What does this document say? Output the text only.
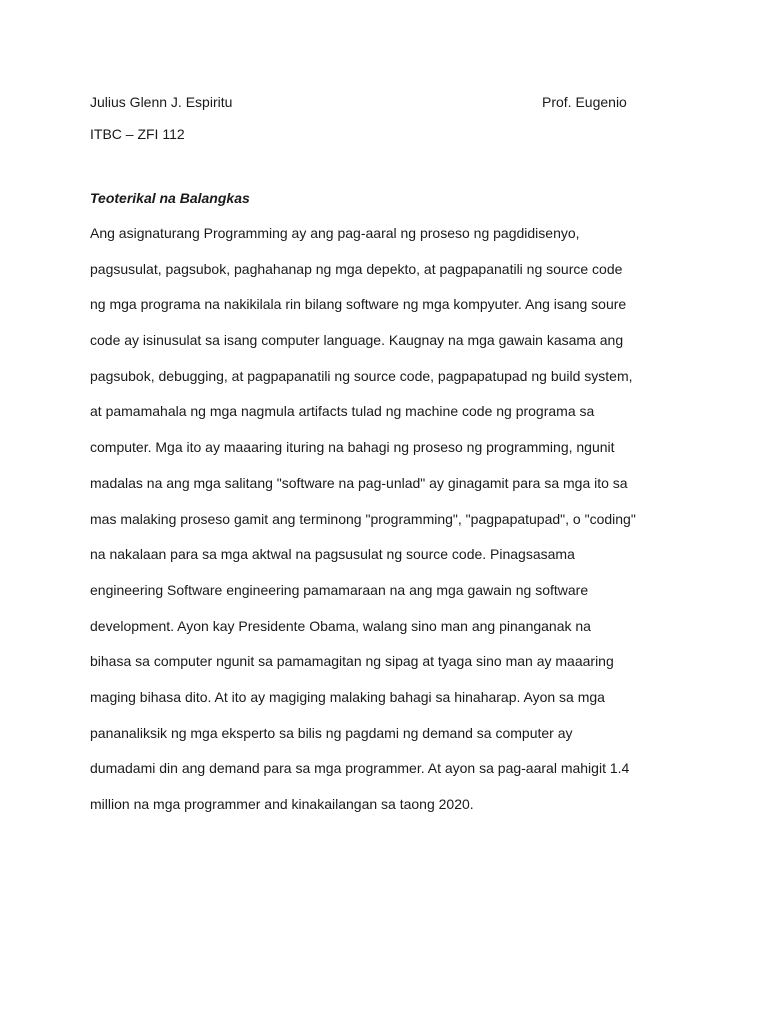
Julius Glenn J. Espiritu	Prof. Eugenio
ITBC – ZFI 112
Teoterikal na Balangkas
Ang asignaturang Programming ay ang pag-aaral ng proseso ng pagdidisenyo,
pagsusulat, pagsubok, paghahanap ng mga depekto, at pagpapanatili ng source code
ng mga programa na nakikilala rin bilang software ng mga kompyuter. Ang isang soure
code ay isinusulat sa isang computer language. Kaugnay na mga gawain kasama ang
pagsubok, debugging, at pagpapanatili ng source code, pagpapatupad ng build system,
at pamamahala ng mga nagmula artifacts tulad ng machine code ng programa sa
computer. Mga ito ay maaaring ituring na bahagi ng proseso ng programming, ngunit
madalas na ang mga salitang "software na pag-unlad" ay ginagamit para sa mga ito sa
mas malaking proseso gamit ang terminong "programming", "pagpapatupad", o "coding"
na nakalaan para sa mga aktwal na pagsusulat ng source code. Pinagsasama
engineering Software engineering pamamaraan na ang mga gawain ng software
development. Ayon kay Presidente Obama, walang sino man ang pinanganak na
bihasa sa computer ngunit sa pamamagitan ng sipag at tyaga sino man ay maaaring
maging bihasa dito. At ito ay magiging malaking bahagi sa hinaharap. Ayon sa mga
pananaliksik ng mga eksperto sa bilis ng pagdami ng demand sa computer ay
dumadami din ang demand para sa mga programmer. At ayon sa pag-aaral mahigit 1.4
million na mga programmer and kinakailangan sa taong 2020.
